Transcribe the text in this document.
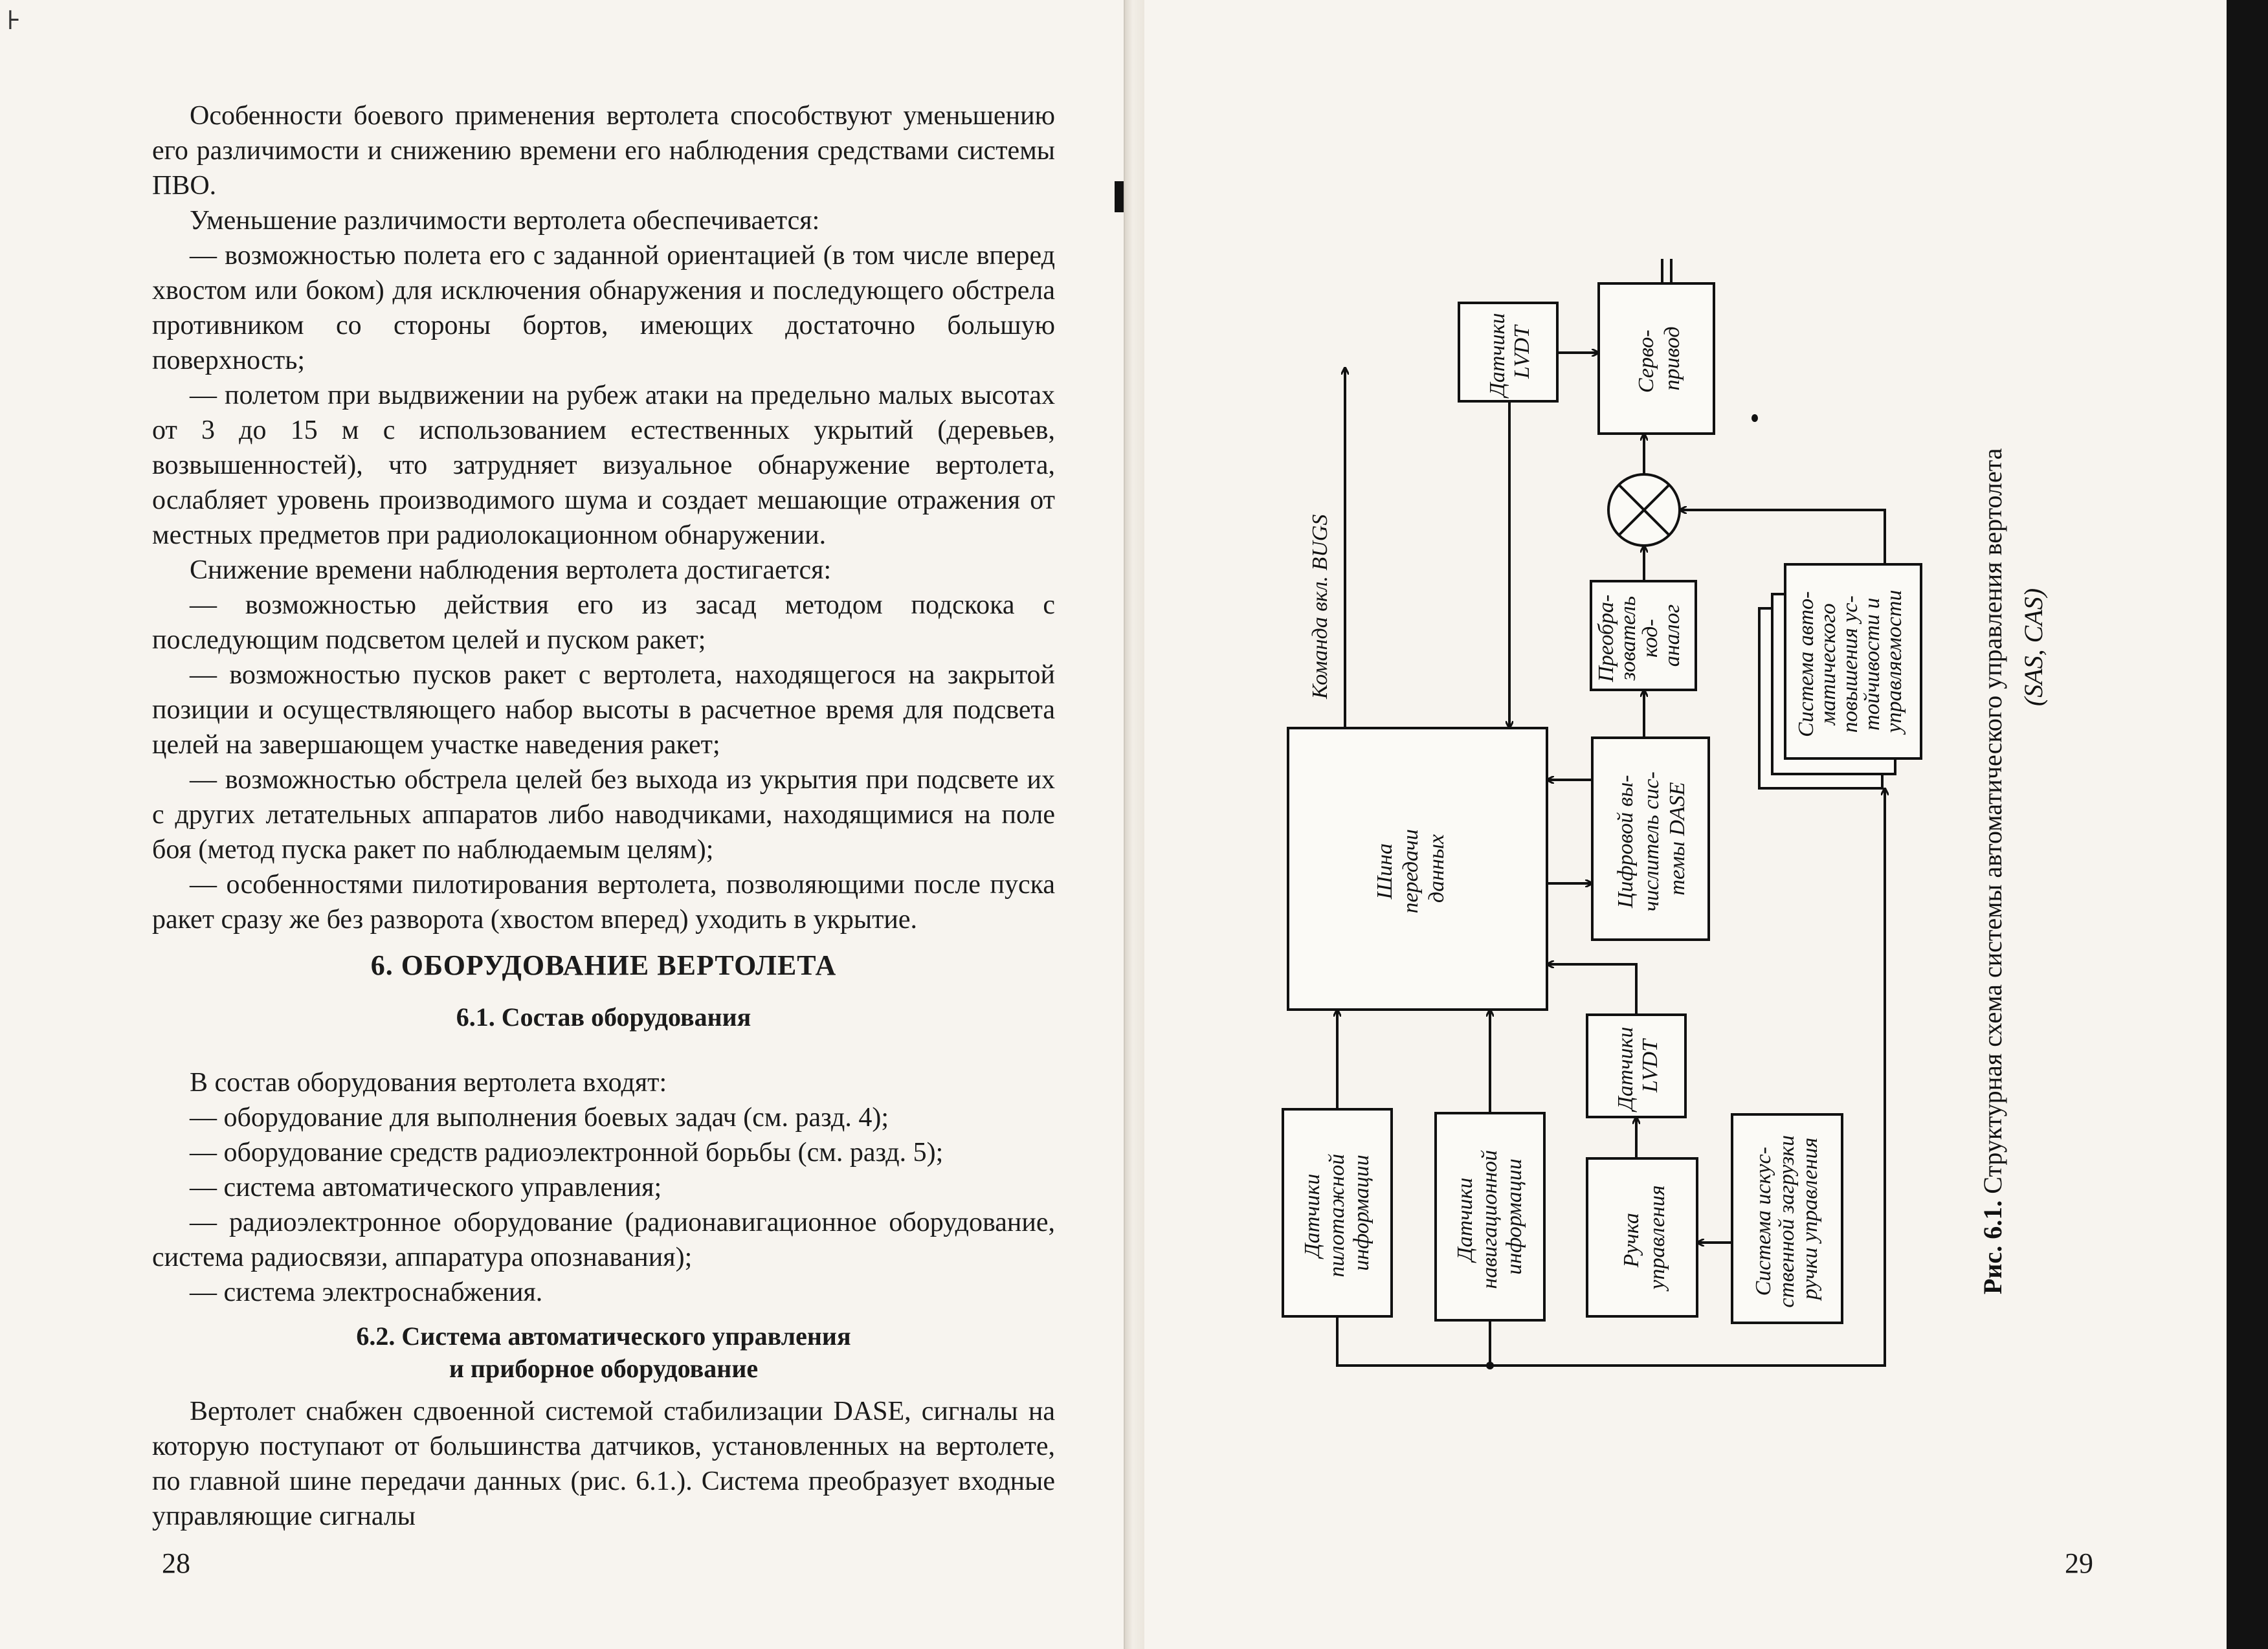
⊦

Особенности боевого применения вертолета способствуют уменьшению его различимости и снижению времени его наблюдения средствами системы ПВО.

Уменьшение различимости вертолета обеспечивается:

— возможностью полета его с заданной ориентацией (в том числе вперед хвостом или боком) для исключения обнаружения и последующего обстрела противником со стороны бортов, имеющих достаточно большую поверхность;

— полетом при выдвижении на рубеж атаки на предельно малых высотах от 3 до 15 м с использованием естественных укрытий (деревьев, возвышенностей), что затрудняет визуальное обнаружение вертолета, ослабляет уровень производимого шума и создает мешающие отражения от местных предметов при радиолокационном обнаружении.

Снижение времени наблюдения вертолета достигается:

— возможностью действия его из засад методом подскока с последующим подсветом целей и пуском ракет;

— возможностью пусков ракет с вертолета, находящегося на закрытой позиции и осуществляющего набор высоты в расчетное время для подсвета целей на завершающем участке наведения ракет;

— возможностью обстрела целей без выхода из укрытия при подсвете их с других летательных аппаратов либо наводчиками, находящимися на поле боя (метод пуска ракет по наблюдаемым целям);

— особенностями пилотирования вертолета, позволяющими после пуска ракет сразу же без разворота (хвостом вперед) уходить в укрытие.

6. ОБОРУДОВАНИЕ ВЕРТОЛЕТА
6.1. Состав оборудования

В состав оборудования вертолета входят:

— оборудование для выполнения боевых задач (см. разд. 4);

— оборудование средств радиоэлектронной борьбы (см. разд. 5);

— система автоматического управления;

— радиоэлектронное оборудование (радионавигационное оборудование, система радиосвязи, аппаратура опознавания);

— система электроснабжения.

6.2. Система автоматического управления
и приборное оборудование

Вертолет снабжен сдвоенной системой стабилизации DASE, сигналы на которую поступают от большинства датчиков, установленных на вертолете, по главной шине передачи данных (рис. 6.1.). Система преобразует входные управляющие сигналы

28	29
Команда вкл. BUGS
Шина передачи данных
Датчики LVDT	Серво- привод
Преобра- зователь код- аналог
Цифровой вы- числитель сис- темы DASE
Система авто- матического повышения ус- тойчивости и управляемости
Датчики LVDT
Датчики пилотажной информации	Датчики навигационной информации	Ручка управления	Система искус- ственной загрузки ручки управления	Рис. 6.1. Структурная схема системы автоматического управления вертолета (SAS, CAS)
